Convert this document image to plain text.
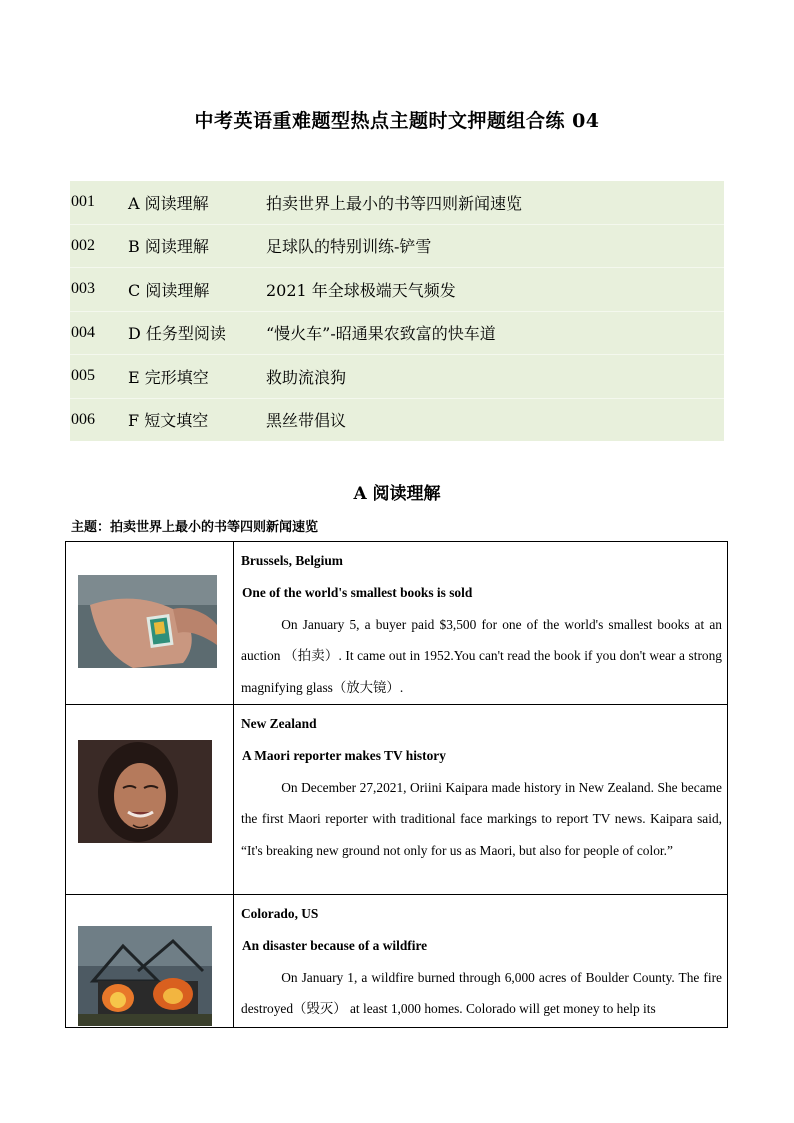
中考英语重难题型热点主题时文押题组合练 04
001	A 阅读理解	拍卖世界上最小的书等四则新闻速览
002	B 阅读理解	足球队的特别训练-铲雪
003	C 阅读理解	2021 年全球极端天气频发
004	D 任务型阅读	“慢火车”-昭通果农致富的快车道
005	E 完形填空	救助流浪狗
006	F 短文填空	黑丝带倡议
A 阅读理解
主题：拍卖世界上最小的书等四则新闻速览

Brussels, Belgium
One of the world's smallest books is sold
On January 5, a buyer paid $3,500 for one of the world's smallest books at an auction （拍卖）. It came out in 1952.You can't read the book if you don't wear a strong magnifying glass（放大镜）.

New Zealand
A Maori reporter makes TV history
On December 27,2021, Oriini Kaipara made history in New Zealand. She became the first Maori reporter with traditional face markings to report TV news. Kaipara said, “It's breaking new ground not only for us as Maori, but also for people of color.”

Colorado, US
An disaster because of a wildfire
On January 1, a wildfire burned through 6,000 acres of Boulder County. The fire destroyed（毁灭） at least 1,000 homes. Colorado will get money to help its
